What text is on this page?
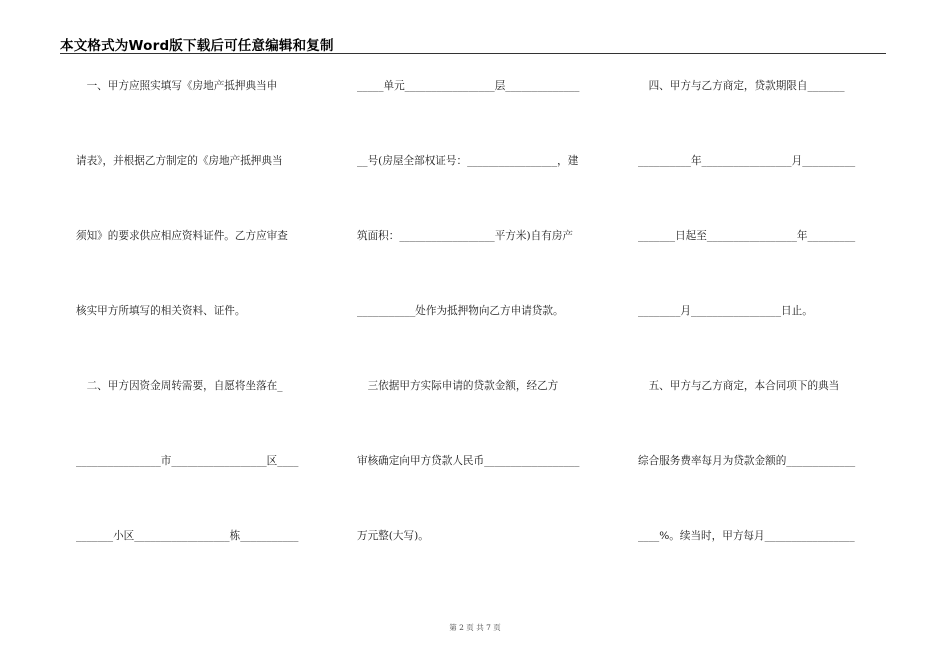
本文格式为Word版下载后可任意编辑和复制
　一、甲方应照实填写《房地产抵押典当申
请表》，并根据乙方制定的《房地产抵押典当
须知》的要求供应相应资料证件。乙方应审查
核实甲方所填写的相关资料、证件。
　二、甲方因资金周转需要，自愿将坐落在_
________________市__________________区____
_______小区__________________栋___________
_____单元_________________层______________
__号(房屋全部权证号：_________________，建
筑面积：__________________平方米)自有房产
___________处作为抵押物向乙方申请贷款。
　三依据甲方实际申请的贷款金额，经乙方
审核确定向甲方贷款人民币__________________
万元整(大写)。
　四、甲方与乙方商定，贷款期限自_______
__________年_________________月__________
_______日起至_________________年_________
________月_________________日止。
　五、甲方与乙方商定，本合同项下的典当
综合服务费率每月为贷款金额的_____________
____%。续当时，甲方每月_________________
第 2 页 共 7 页
